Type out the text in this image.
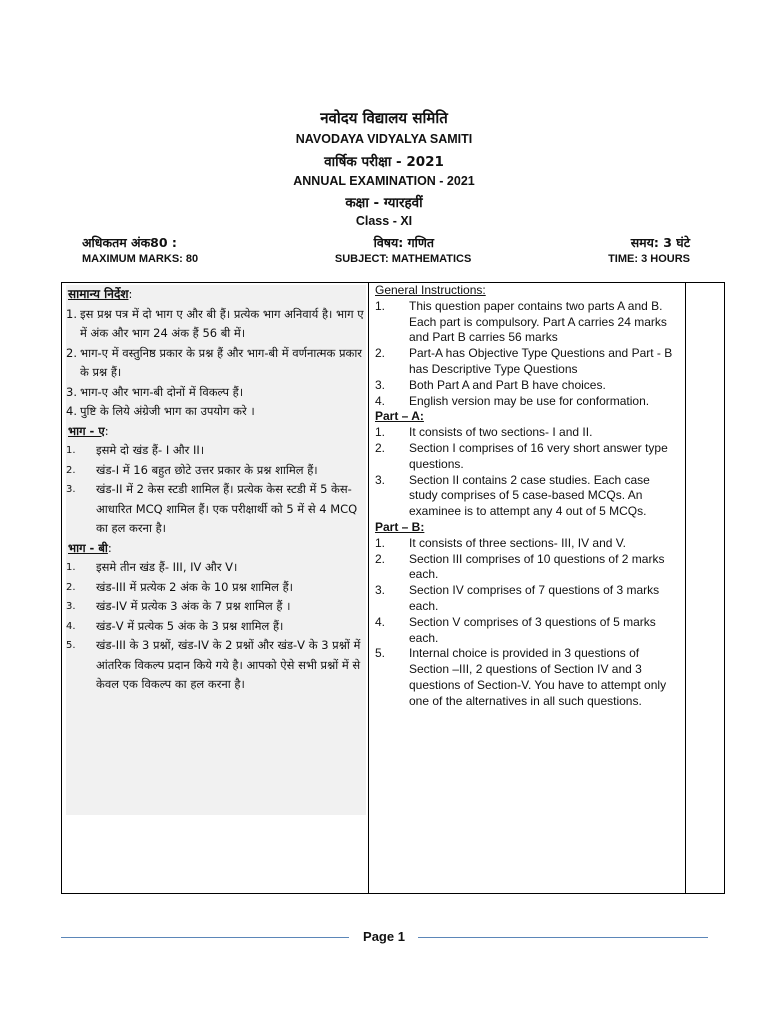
नवोदय विद्यालय समिति
NAVODAYA VIDYALYA SAMITI
वार्षिक परीक्षा - 2021
ANNUAL EXAMINATION - 2021
कक्षा - ग्यारहवीं
Class - XI
अधिकतम अंक80 :	विषय: गणित	समय: 3 घंटे
MAXIMUM MARKS: 80	SUBJECT: MATHEMATICS	TIME: 3 HOURS
सामान्य निर्देश:
1. इस प्रश्न पत्र में दो भाग ए और बी हैं। प्रत्येक भाग अनिवार्य है। भाग ए में अंक और भाग 24 अंक हैं 56 बी में।
2. भाग-ए में वस्तुनिष्ठ प्रकार के प्रश्न हैं और भाग-बी में वर्णनात्मक प्रकार के प्रश्न हैं।
3. भाग-ए और भाग-बी दोनों में विकल्प हैं।
4. पुष्टि के लिये अंग्रेजी भाग का उपयोग करे ।
भाग - ए:
1.	इसमे दो खंड हैं- I और II।
2.	खंड-I में 16 बहुत छोटे उत्तर प्रकार के प्रश्न शामिल हैं।
3.	खंड-II में 2 केस स्टडी शामिल हैं। प्रत्येक केस स्टडी में 5 केस-आधारित MCQ शामिल हैं। एक परीक्षार्थी को 5 में से 4 MCQ का हल करना है।
भाग - बी:
1.	इसमे तीन खंड हैं- III, IV और V।
2.	खंड-III में प्रत्येक 2 अंक के 10 प्रश्न शामिल हैं।
3.	खंड-IV में प्रत्येक 3 अंक के 7 प्रश्न शामिल हैं ।
4.	खंड-V में प्रत्येक 5 अंक के 3 प्रश्न शामिल हैं।
5.	खंड-III के 3 प्रश्नों, खंड-IV के 2 प्रश्नों और खंड-V के 3 प्रश्नों में आंतरिक विकल्प प्रदान किये गये है। आपको ऐसे सभी प्रश्नों में से केवल एक विकल्प का हल करना है।
General Instructions:
1.	This question paper contains two parts A and B. Each part is compulsory. Part A carries 24 marks and Part B carries 56 marks
2.	Part-A has Objective Type Questions and Part - B has Descriptive Type Questions
3.	Both Part A and Part B have choices.
4.	English version may be use for conformation.
Part – A:
1.	It consists of two sections- I and II.
2.	Section I comprises of 16 very short answer type questions.
3.	Section II contains 2 case studies. Each case study comprises of 5 case-based MCQs. An examinee is to attempt any 4 out of 5 MCQs.
Part – B:
1.	It consists of three sections- III, IV and V.
2.	Section III comprises of 10 questions of 2 marks each.
3.	Section IV comprises of 7 questions of 3 marks each.
4.	Section V comprises of 3 questions of 5 marks each.
5.	Internal choice is provided in 3 questions of Section –III, 2 questions of Section IV and 3 questions of Section-V. You have to attempt only one of the alternatives in all such questions.
Page 1
